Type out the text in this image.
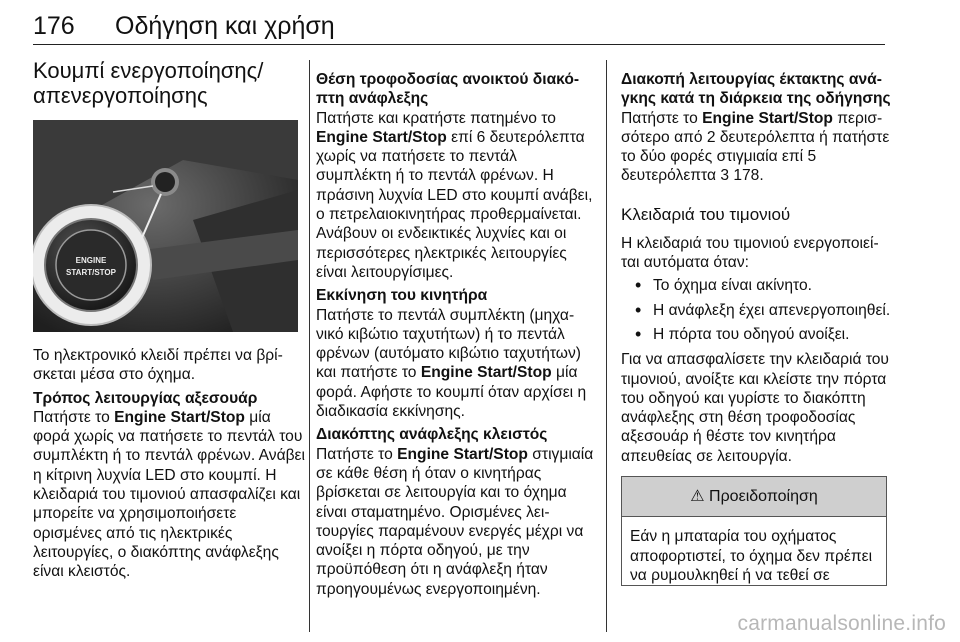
176 Οδήγηση και χρήση
Κουμπί ενεργοποίησης/
απενεργοποίησης
ENGINE
START/STOP

Το ηλεκτρονικό κλειδί πρέπει να βρίσκεται μέσα στο όχημα.

Τρόπος λειτουργίας αξεσουάρ

Πατήστε το Engine Start/Stop μία φορά χωρίς να πατήσετε το πεντάλ του συμπλέκτη ή το πεντάλ φρένων. Ανάβει η κίτρινη λυχνία LED στο κουμπί. Η κλειδαριά του τιμονιού απασφαλίζει και μπορείτε να χρησιμοποιήσετε ορισμένες από τις ηλεκτρικές λειτουργίες, ο διακόπτης ανάφλεξης είναι κλειστός.

Θέση τροφοδοσίας ανοικτού διακόπτη ανάφλεξης

Πατήστε και κρατήστε πατημένο το Engine Start/Stop επί 6 δευτερόλεπτα χωρίς να πατήσετε το πεντάλ συμπλέκτη ή το πεντάλ φρένων. Η πράσινη λυχνία LED στο κουμπί ανάβει, ο πετρελαιοκινητήρας προθερμαίνεται. Ανάβουν οι ενδεικτικές λυχνίες και οι περισσότερες ηλεκτρικές λειτουργίες είναι λειτουργίσιμες.

Εκκίνηση του κινητήρα

Πατήστε το πεντάλ συμπλέκτη (μηχανικό κιβώτιο ταχυτήτων) ή το πεντάλ φρένων (αυτόματο κιβώτιο ταχυτήτων) και πατήστε το Engine Start/Stop μία φορά. Αφήστε το κουμπί όταν αρχίσει η διαδικασία εκκίνησης.

Διακόπτης ανάφλεξης κλειστός

Πατήστε το Engine Start/Stop στιγμιαία σε κάθε θέση ή όταν ο κινητήρας βρίσκεται σε λειτουργία και το όχημα είναι σταματημένο. Ορισμένες λειτουργίες παραμένουν ενεργές μέχρι να ανοίξει η πόρτα οδηγού, με την προϋπόθεση ότι η ανάφλεξη ήταν προηγουμένως ενεργοποιημένη.

Διακοπή λειτουργίας έκτακτης ανάγκης κατά τη διάρκεια της οδήγησης

Πατήστε το Engine Start/Stop περισσότερο από 2 δευτερόλεπτα ή πατήστε το δύο φορές στιγμιαία επί 5 δευτερόλεπτα 3 178.

Κλειδαριά του τιμονιού

Η κλειδαριά του τιμονιού ενεργοποιείται αυτόματα όταν:

• Το όχημα είναι ακίνητο.
• Η ανάφλεξη έχει απενεργοποιηθεί.
• Η πόρτα του οδηγού ανοίξει.

Για να απασφαλίσετε την κλειδαριά του τιμονιού, ανοίξτε και κλείστε την πόρτα του οδηγού και γυρίστε το διακόπτη ανάφλεξης στη θέση τροφοδοσίας αξεσουάρ ή θέστε τον κινητήρα απευθείας σε λειτουργία.

⚠ Προειδοποίηση
Εάν η μπαταρία του οχήματος αποφορτιστεί, το όχημα δεν πρέπει να ρυμουλκηθεί ή να τεθεί σε
carmanualsonline.info
